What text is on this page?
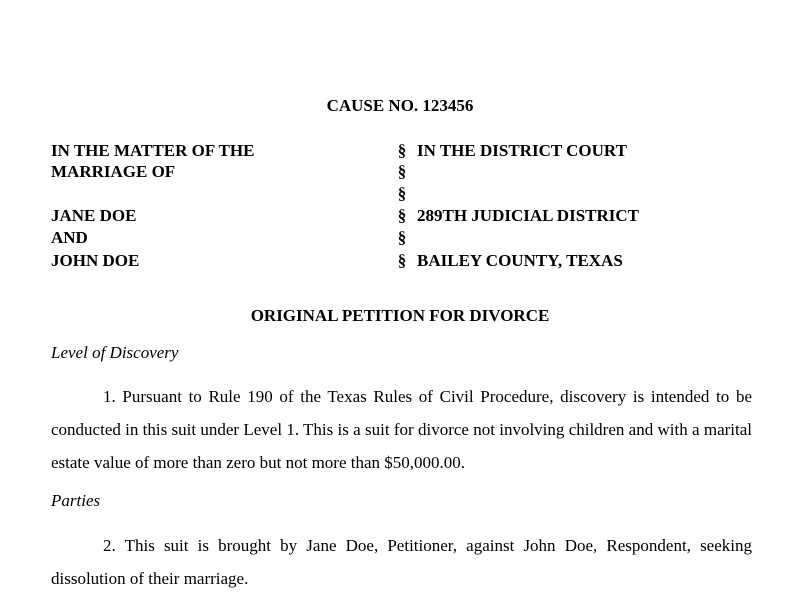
CAUSE NO. 123456
IN THE MATTER OF THE	§ IN THE DISTRICT COURT
MARRIAGE OF	§
§
JANE DOE	§ 289TH JUDICIAL DISTRICT
AND	§
JOHN DOE	§ BAILEY COUNTY, TEXAS
ORIGINAL PETITION FOR DIVORCE
Level of Discovery
1. Pursuant to Rule 190 of the Texas Rules of Civil Procedure, discovery is intended to be conducted in this suit under Level 1. This is a suit for divorce not involving children and with a marital estate value of more than zero but not more than $50,000.00.
Parties
2. This suit is brought by Jane Doe, Petitioner, against John Doe, Respondent, seeking dissolution of their marriage.
